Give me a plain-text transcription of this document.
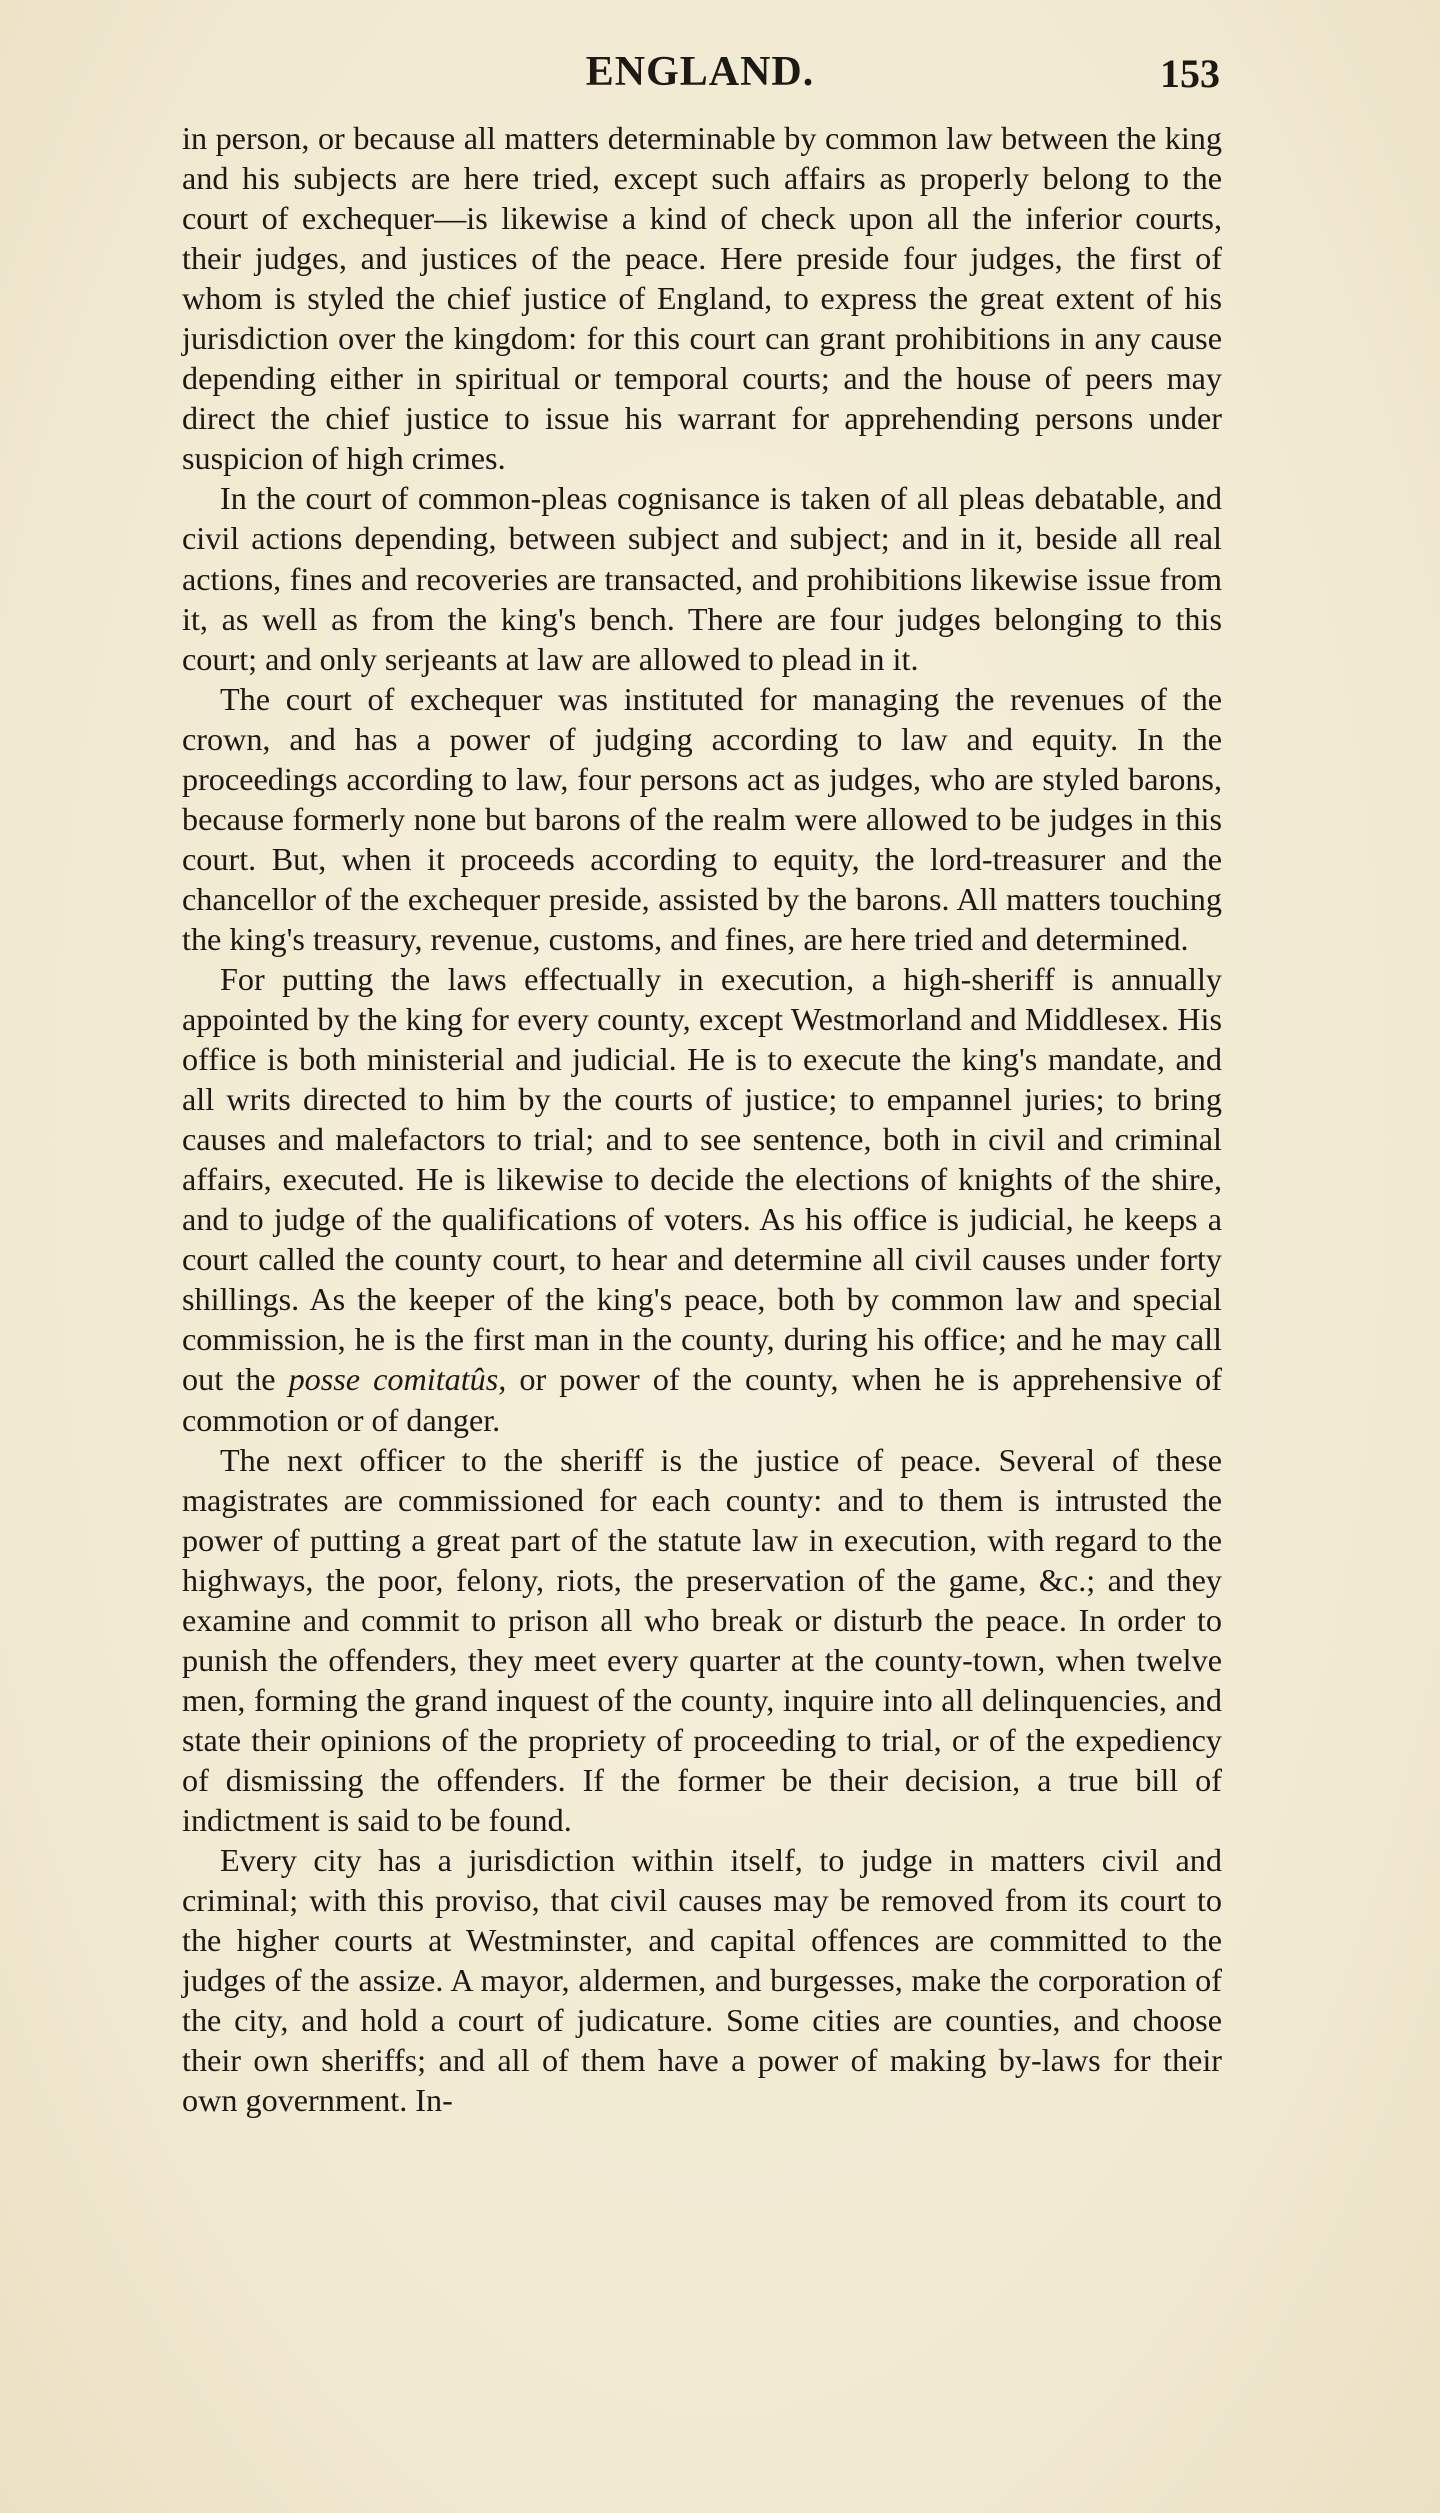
ENGLAND.	153

in person, or because all matters determinable by common law between the king and his subjects are here tried, except such affairs as properly belong to the court of exchequer—is likewise a kind of check upon all the inferior courts, their judges, and justices of the peace. Here preside four judges, the first of whom is styled the chief justice of England, to express the great extent of his jurisdiction over the kingdom: for this court can grant prohibitions in any cause depending either in spiritual or temporal courts; and the house of peers may direct the chief justice to issue his warrant for apprehending persons under suspicion of high crimes.

In the court of common-pleas cognisance is taken of all pleas debatable, and civil actions depending, between subject and subject; and in it, beside all real actions, fines and recoveries are transacted, and prohibitions likewise issue from it, as well as from the king's bench. There are four judges belonging to this court; and only serjeants at law are allowed to plead in it.

The court of exchequer was instituted for managing the revenues of the crown, and has a power of judging according to law and equity. In the proceedings according to law, four persons act as judges, who are styled barons, because formerly none but barons of the realm were allowed to be judges in this court. But, when it proceeds according to equity, the lord-treasurer and the chancellor of the exchequer preside, assisted by the barons. All matters touching the king's treasury, revenue, customs, and fines, are here tried and determined.

For putting the laws effectually in execution, a high-sheriff is annually appointed by the king for every county, except Westmorland and Middlesex. His office is both ministerial and judicial. He is to execute the king's mandate, and all writs directed to him by the courts of justice; to empannel juries; to bring causes and malefactors to trial; and to see sentence, both in civil and criminal affairs, executed. He is likewise to decide the elections of knights of the shire, and to judge of the qualifications of voters. As his office is judicial, he keeps a court called the county court, to hear and determine all civil causes under forty shillings. As the keeper of the king's peace, both by common law and special commission, he is the first man in the county, during his office; and he may call out the posse comitatûs, or power of the county, when he is apprehensive of commotion or of danger.

The next officer to the sheriff is the justice of peace. Several of these magistrates are commissioned for each county: and to them is intrusted the power of putting a great part of the statute law in execution, with regard to the highways, the poor, felony, riots, the preservation of the game, &c.; and they examine and commit to prison all who break or disturb the peace. In order to punish the offenders, they meet every quarter at the county-town, when twelve men, forming the grand inquest of the county, inquire into all delinquencies, and state their opinions of the propriety of proceeding to trial, or of the expediency of dismissing the offenders. If the former be their decision, a true bill of indictment is said to be found.

Every city has a jurisdiction within itself, to judge in matters civil and criminal; with this proviso, that civil causes may be removed from its court to the higher courts at Westminster, and capital offences are committed to the judges of the assize. A mayor, aldermen, and burgesses, make the corporation of the city, and hold a court of judicature. Some cities are counties, and choose their own sheriffs; and all of them have a power of making by-laws for their own government. In-
